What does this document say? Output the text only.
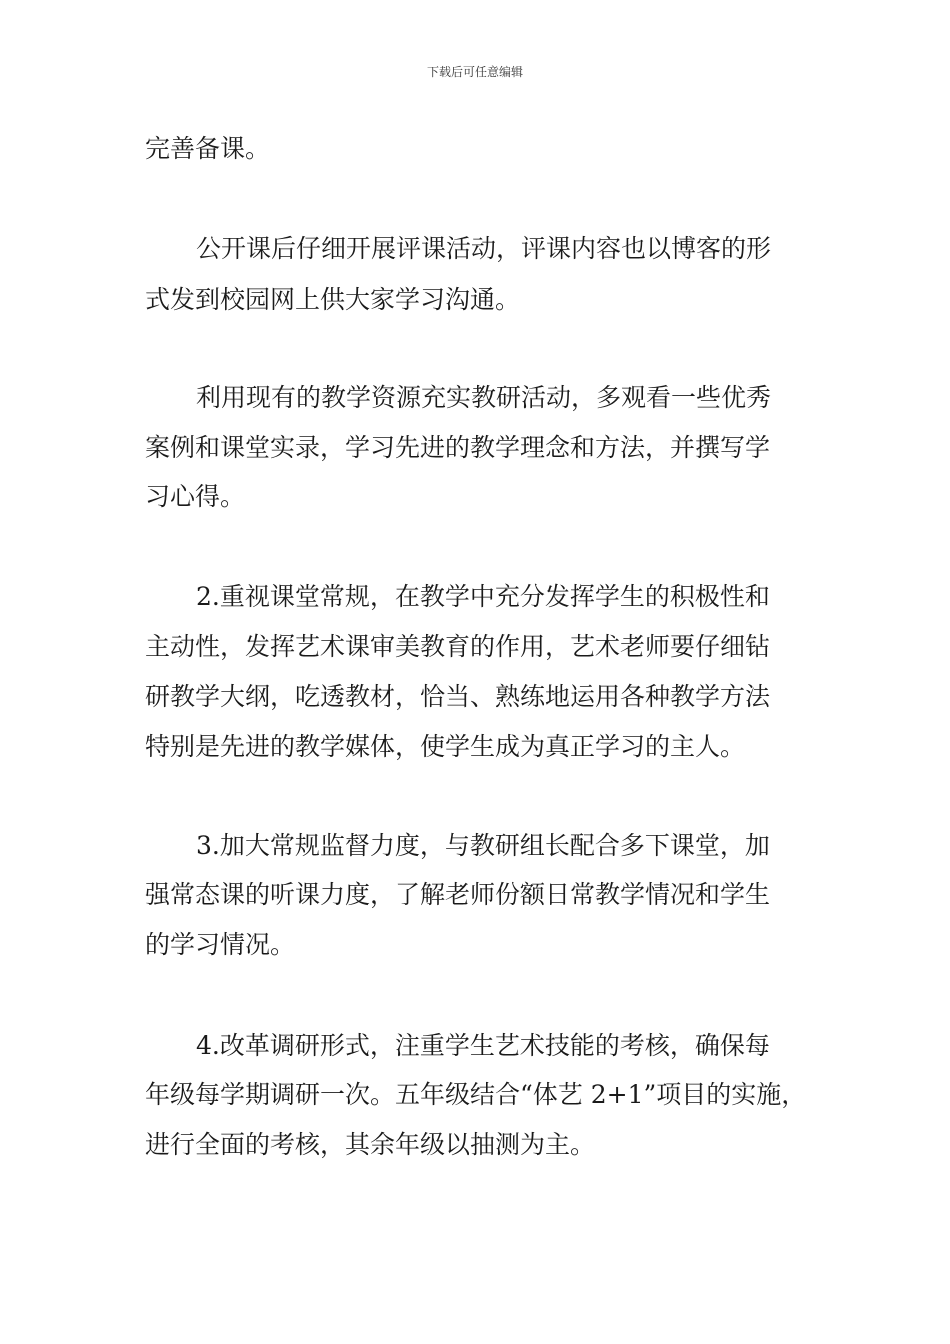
下载后可任意编辑
完善备课。
公开课后仔细开展评课活动，评课内容也以博客的形
式发到校园网上供大家学习沟通。
利用现有的教学资源充实教研活动，多观看一些优秀
案例和课堂实录，学习先进的教学理念和方法，并撰写学
习心得。
2.重视课堂常规，在教学中充分发挥学生的积极性和
主动性，发挥艺术课审美教育的作用，艺术老师要仔细钻
研教学大纲，吃透教材，恰当、熟练地运用各种教学方法
特别是先进的教学媒体，使学生成为真正学习的主人。
3.加大常规监督力度，与教研组长配合多下课堂，加
强常态课的听课力度，了解老师份额日常教学情况和学生
的学习情况。
4.改革调研形式，注重学生艺术技能的考核，确保每
年级每学期调研一次。五年级结合“体艺 2+1”项目的实施，
进行全面的考核，其余年级以抽测为主。
